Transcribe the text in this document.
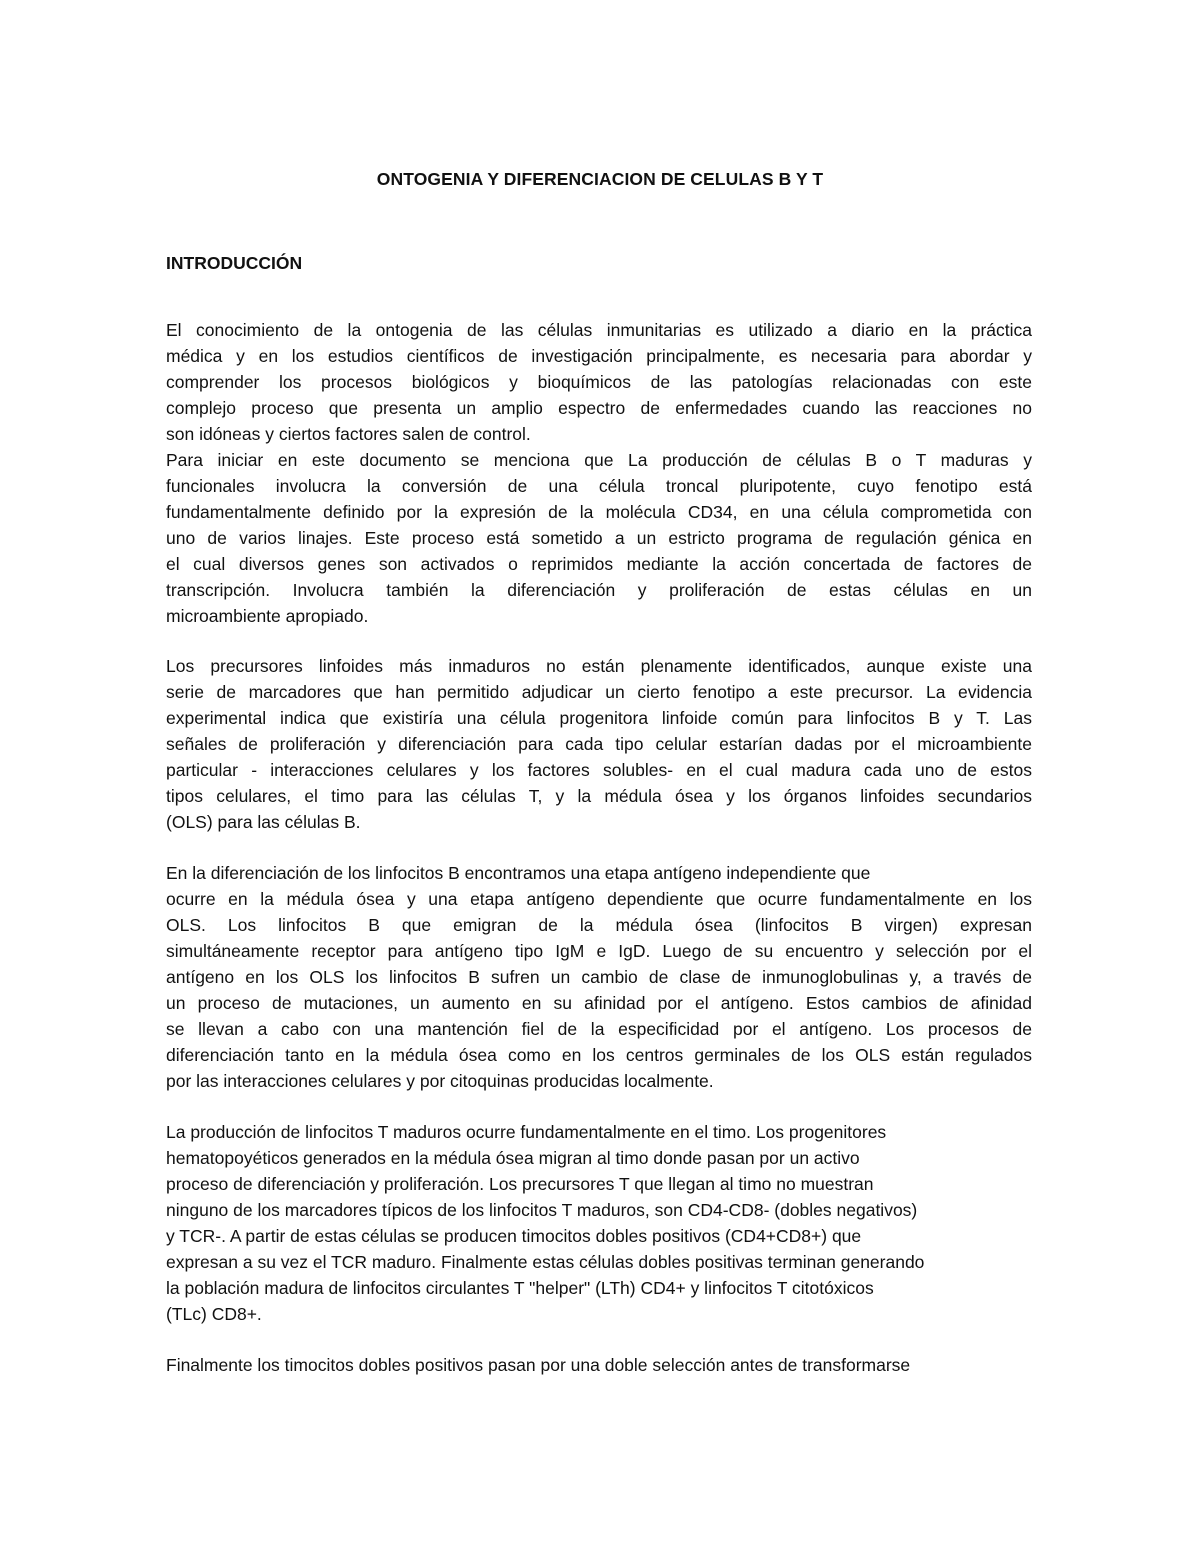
ONTOGENIA Y DIFERENCIACION DE CELULAS B Y T
INTRODUCCIÓN
El conocimiento de la ontogenia de las células inmunitarias es utilizado a diario en la práctica
médica y en los estudios científicos de investigación principalmente, es necesaria para abordar y
comprender los procesos biológicos y bioquímicos de las patologías relacionadas con este
complejo proceso que presenta un amplio espectro de enfermedades cuando las reacciones no
son idóneas y ciertos factores salen de control.
Para iniciar en este documento se menciona que La producción de células B o T maduras y
funcionales involucra la conversión de una célula troncal pluripotente, cuyo fenotipo está
fundamentalmente definido por la expresión de la molécula CD34, en una célula comprometida con
uno de varios linajes. Este proceso está sometido a un estricto programa de regulación génica en
el cual diversos genes son activados o reprimidos mediante la acción concertada de factores de
transcripción. Involucra también la diferenciación y proliferación de estas células en un
microambiente apropiado.
Los precursores linfoides más inmaduros no están plenamente identificados, aunque existe una
serie de marcadores que han permitido adjudicar un cierto fenotipo a este precursor. La evidencia
experimental indica que existiría una célula progenitora linfoide común para linfocitos B y T. Las
señales de proliferación y diferenciación para cada tipo celular estarían dadas por el microambiente
particular - interacciones celulares y los factores solubles- en el cual madura cada uno de estos
tipos celulares, el timo para las células T, y la médula ósea y los órganos linfoides secundarios
(OLS) para las células B.
En la diferenciación de los linfocitos B encontramos una etapa antígeno independiente que
ocurre en la médula ósea y una etapa antígeno dependiente que ocurre fundamentalmente en los
OLS. Los linfocitos B que emigran de la médula ósea (linfocitos B virgen) expresan
simultáneamente receptor para antígeno tipo IgM e IgD. Luego de su encuentro y selección por el
antígeno en los OLS los linfocitos B sufren un cambio de clase de inmunoglobulinas y, a través de
un proceso de mutaciones, un aumento en su afinidad por el antígeno. Estos cambios de afinidad
se llevan a cabo con una mantención fiel de la especificidad por el antígeno. Los procesos de
diferenciación tanto en la médula ósea como en los centros germinales de los OLS están regulados
por las interacciones celulares y por citoquinas producidas localmente.
La producción de linfocitos T maduros ocurre fundamentalmente en el timo. Los progenitores
hematopoyéticos generados en la médula ósea migran al timo donde pasan por un activo
proceso de diferenciación y proliferación. Los precursores T que llegan al timo no muestran
ninguno de los marcadores típicos de los linfocitos T maduros, son CD4-CD8- (dobles negativos)
y TCR-. A partir de estas células se producen timocitos dobles positivos (CD4+CD8+) que
expresan a su vez el TCR maduro. Finalmente estas células dobles positivas terminan generando
la población madura de linfocitos circulantes T "helper" (LTh) CD4+ y linfocitos T citotóxicos
(TLc) CD8+.
Finalmente los timocitos dobles positivos pasan por una doble selección antes de transformarse
